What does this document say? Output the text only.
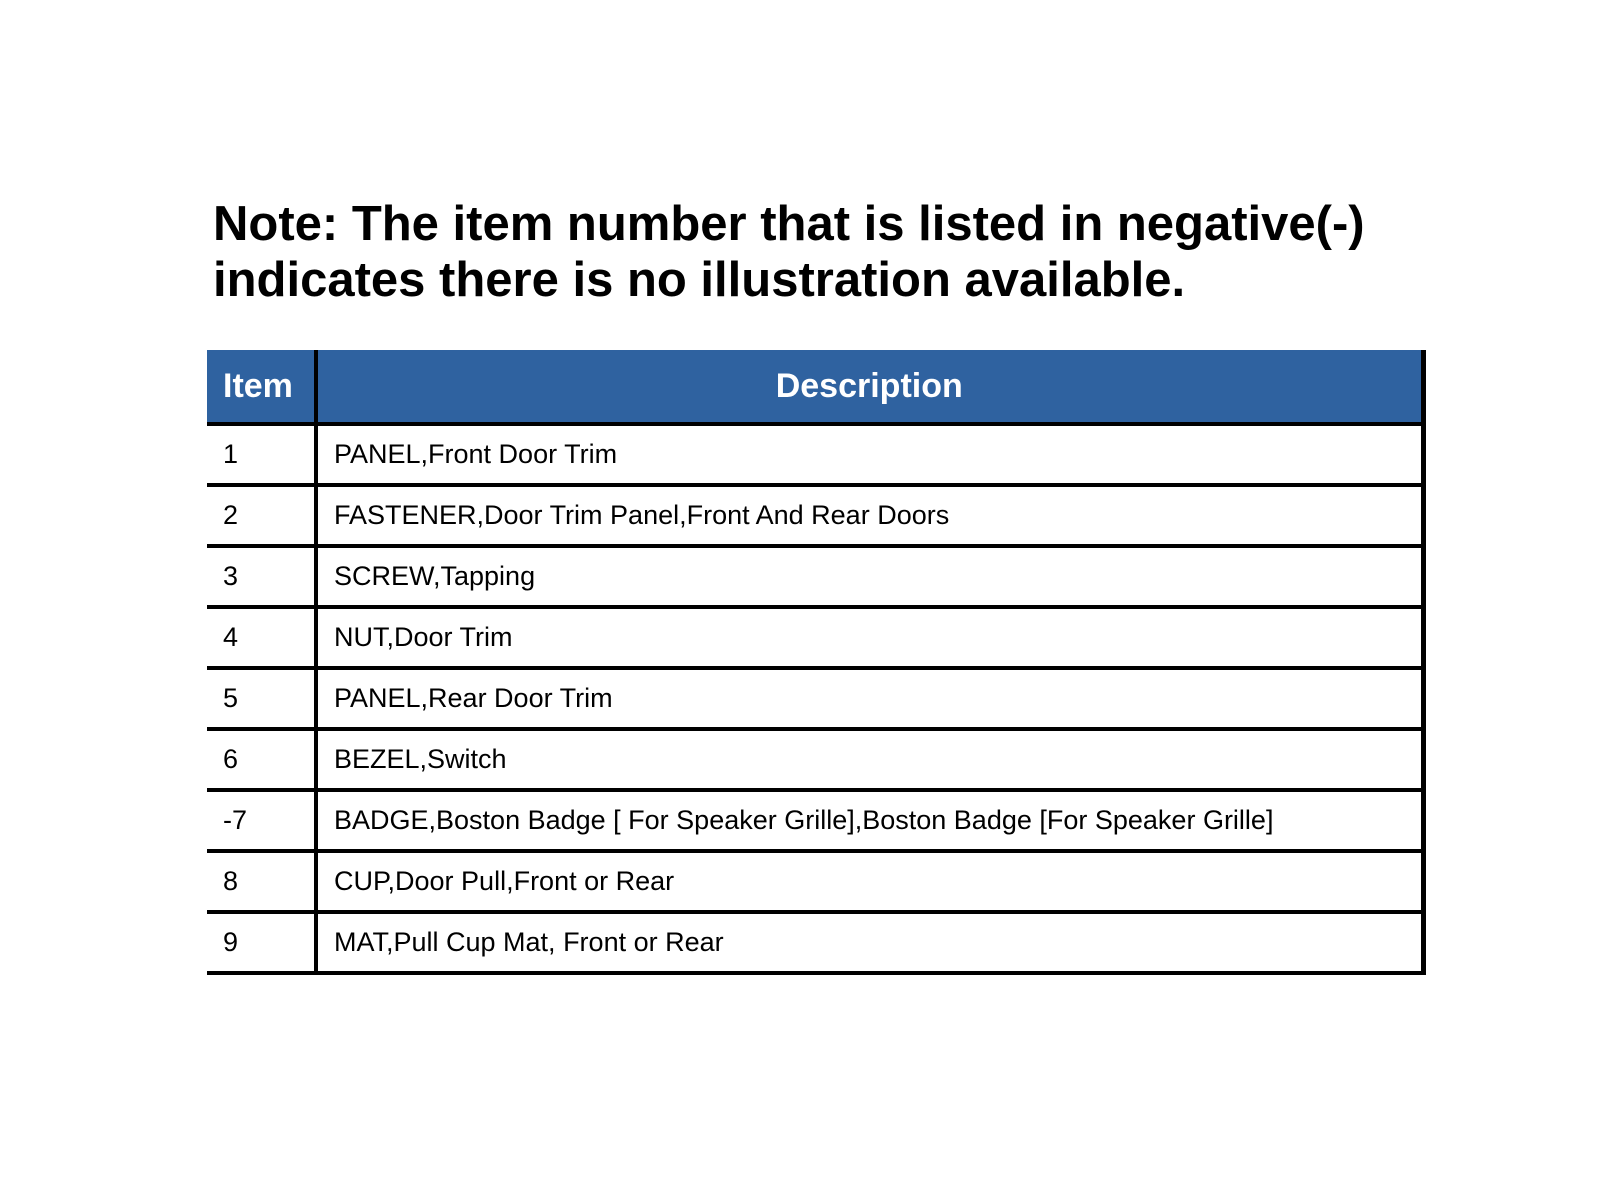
Note: The item number that is listed in negative(-) indicates there is no illustration available.

Item	Description
1	PANEL,Front Door Trim
2	FASTENER,Door Trim Panel,Front And Rear Doors
3	SCREW,Tapping
4	NUT,Door Trim
5	PANEL,Rear Door Trim
6	BEZEL,Switch
-7	BADGE,Boston Badge [ For Speaker Grille],Boston Badge [For Speaker Grille]
8	CUP,Door Pull,Front or Rear
9	MAT,Pull Cup Mat, Front or Rear
